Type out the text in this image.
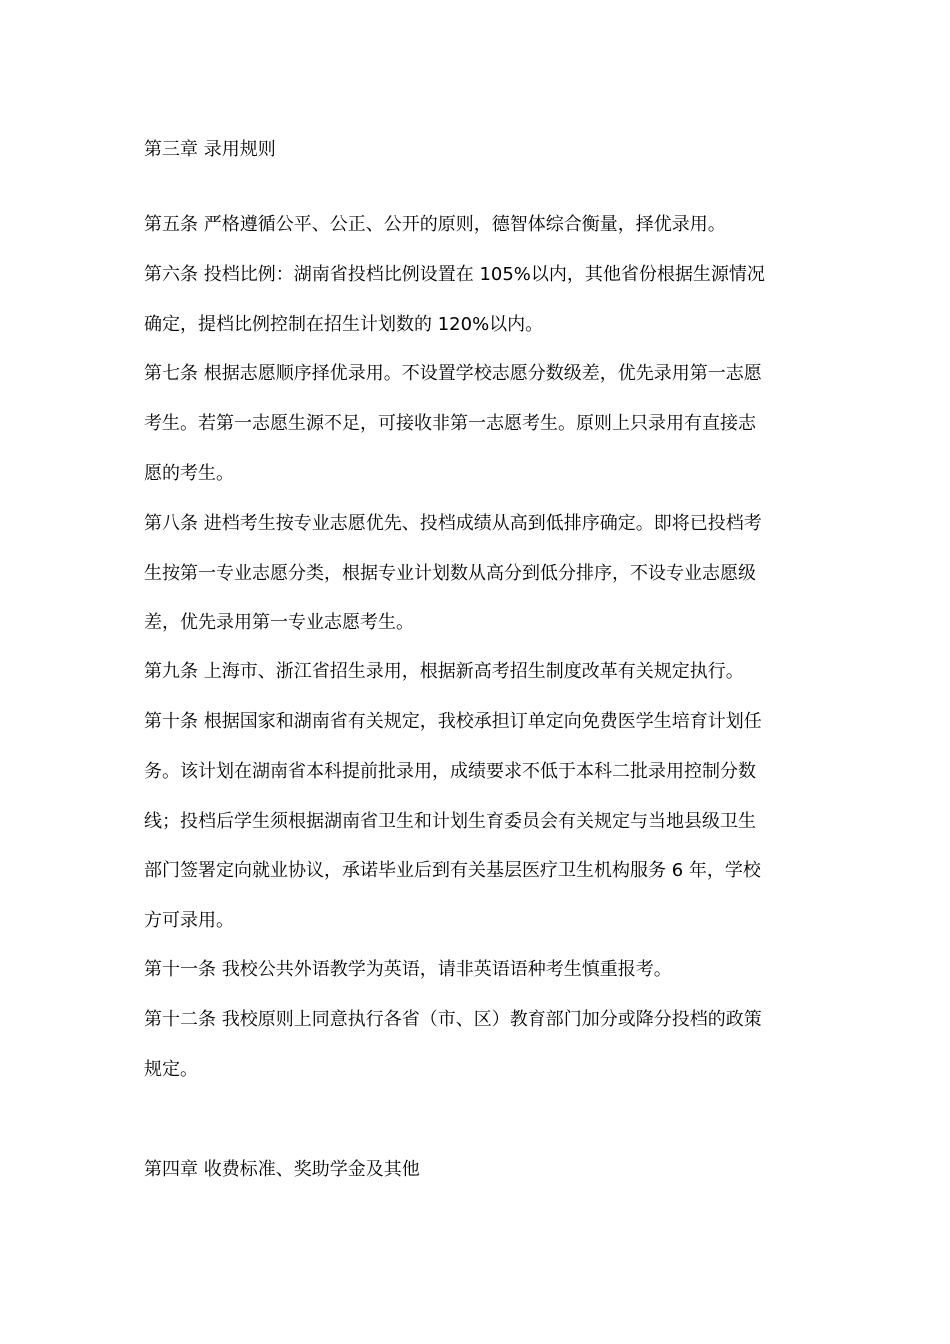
第三章 录用规则

第五条 严格遵循公平、公正、公开的原则，德智体综合衡量，择优录用。

第六条 投档比例：湖南省投档比例设置在 105%以内，其他省份根据生源情况

确定，提档比例控制在招生计划数的 120%以内。

第七条 根据志愿顺序择优录用。不设置学校志愿分数级差，优先录用第一志愿

考生。若第一志愿生源不足，可接收非第一志愿考生。原则上只录用有直接志

愿的考生。

第八条 进档考生按专业志愿优先、投档成绩从高到低排序确定。即将已投档考

生按第一专业志愿分类，根据专业计划数从高分到低分排序，不设专业志愿级

差，优先录用第一专业志愿考生。

第九条 上海市、浙江省招生录用，根据新高考招生制度改革有关规定执行。

第十条 根据国家和湖南省有关规定，我校承担订单定向免费医学生培育计划任

务。该计划在湖南省本科提前批录用，成绩要求不低于本科二批录用控制分数

线；投档后学生须根据湖南省卫生和计划生育委员会有关规定与当地县级卫生

部门签署定向就业协议，承诺毕业后到有关基层医疗卫生机构服务 6 年，学校

方可录用。

第十一条 我校公共外语教学为英语，请非英语语种考生慎重报考。

第十二条 我校原则上同意执行各省（市、区）教育部门加分或降分投档的政策

规定。

第四章 收费标准、奖助学金及其他
